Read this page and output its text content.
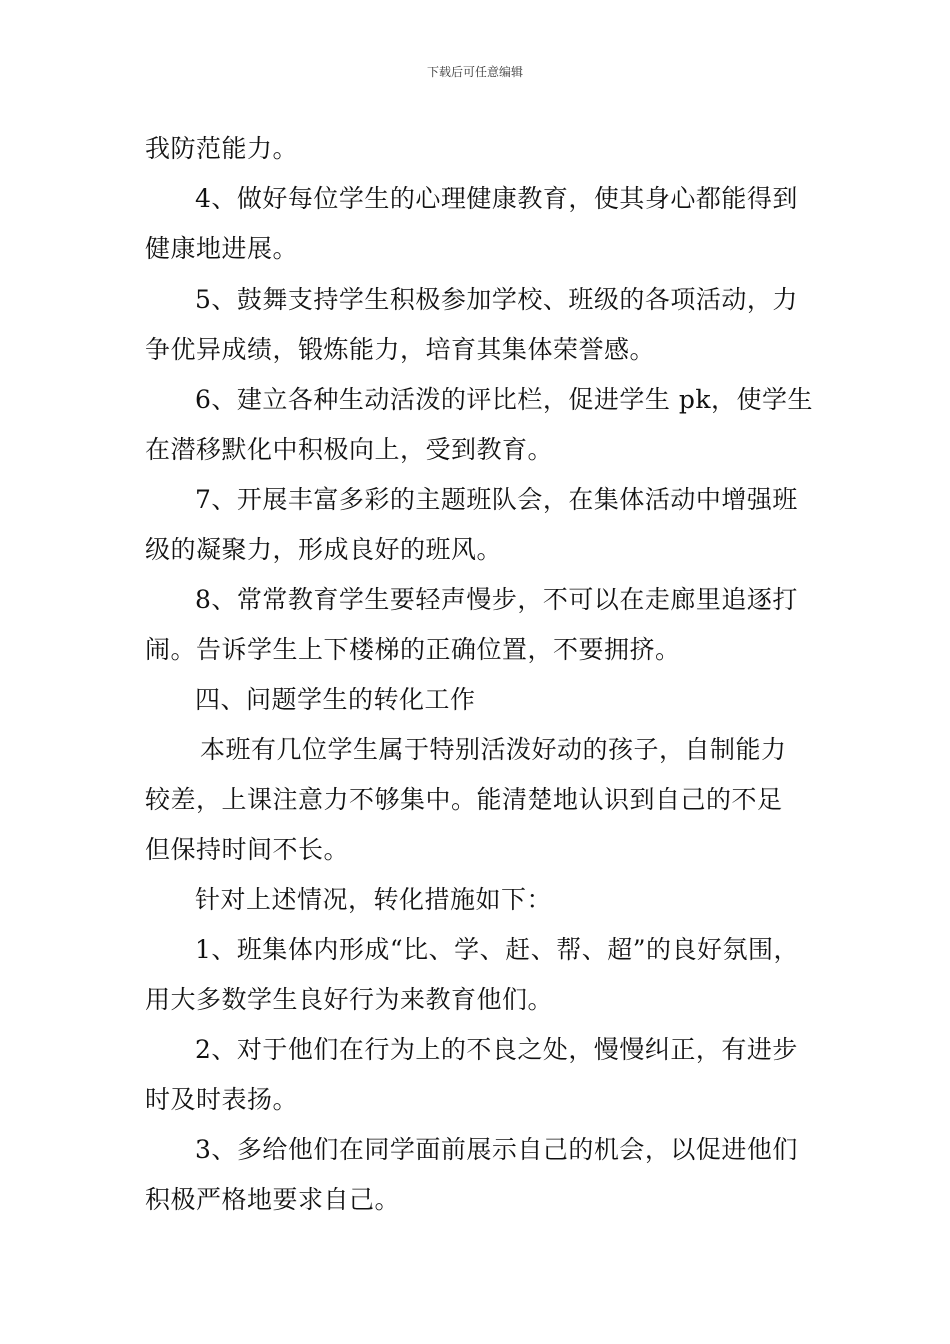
下载后可任意编辑
我防范能力。
4、做好每位学生的心理健康教育，使其身心都能得到
健康地进展。
5、鼓舞支持学生积极参加学校、班级的各项活动，力
争优异成绩，锻炼能力，培育其集体荣誉感。
6、建立各种生动活泼的评比栏，促进学生 pk，使学生
在潜移默化中积极向上，受到教育。
7、开展丰富多彩的主题班队会，在集体活动中增强班
级的凝聚力，形成良好的班风。
8、常常教育学生要轻声慢步，不可以在走廊里追逐打
闹。告诉学生上下楼梯的正确位置，不要拥挤。
四、问题学生的转化工作
本班有几位学生属于特别活泼好动的孩子，自制能力
较差，上课注意力不够集中。能清楚地认识到自己的不足
但保持时间不长。
针对上述情况，转化措施如下：
1、班集体内形成“比、学、赶、帮、超”的良好氛围，
用大多数学生良好行为来教育他们。
2、对于他们在行为上的不良之处，慢慢纠正，有进步
时及时表扬。
3、多给他们在同学面前展示自己的机会，以促进他们
积极严格地要求自己。
